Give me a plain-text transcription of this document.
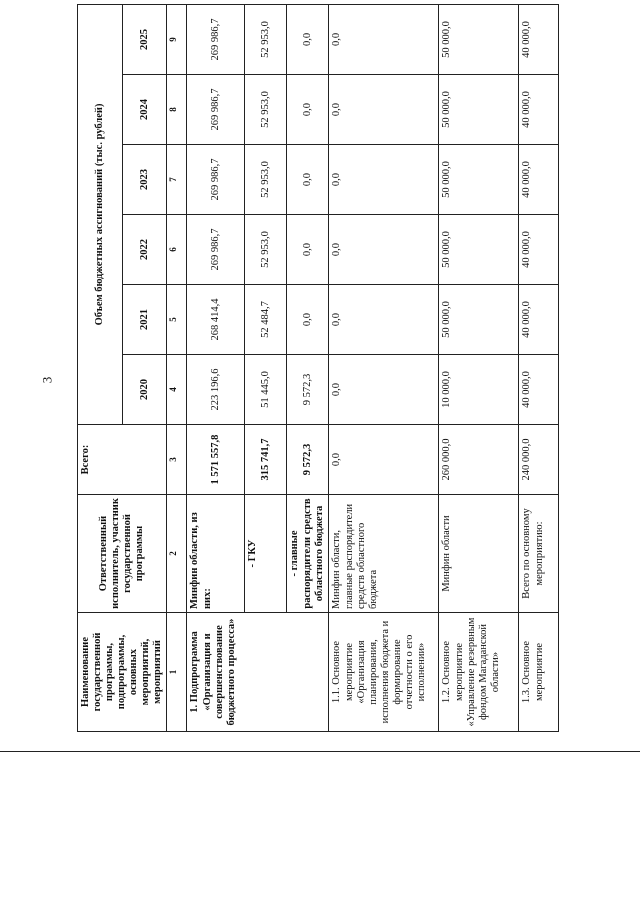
3
Наименование государственной программы, подпрограммы, основных мероприятий, мероприятий	Ответственный исполнитель, участник государственной программы	Всего:	Объем бюджетных ассигнований (тыс. рублей)					
			2020	2021	2022	2023	2024	2025
1	2	3	4	5	6	7	8	9
1. Подпрограмма «Организация и совершенствование бюджетного процесса»	Минфин области, из них:	1 571 557,8	223 196,6	268 414,4	269 986,7	269 986,7	269 986,7	269 986,7
	- ГКУ	315 741,7	51 445,0	52 484,7	52 953,0	52 953,0	52 953,0	52 953,0
	- главные распорядители средств областного бюджета	9 572,3	9 572,3	0,0	0,0	0,0	0,0	0,0
1.1. Основное мероприятие «Организация планирования, исполнения бюджета и формирование отчетности о его исполнении»	Минфин области, главные распорядители средств областного бюджета	0,0	0,0	0,0	0,0	0,0	0,0	0,0
1.2. Основное мероприятие «Управление резервным фондом Магаданской области»	Минфин области	260 000,0	10 000,0	50 000,0	50 000,0	50 000,0	50 000,0	50 000,0
1.3. Основное мероприятие	Всего по основному мероприятию:	240 000,0	40 000,0	40 000,0	40 000,0	40 000,0	40 000,0	40 000,0
